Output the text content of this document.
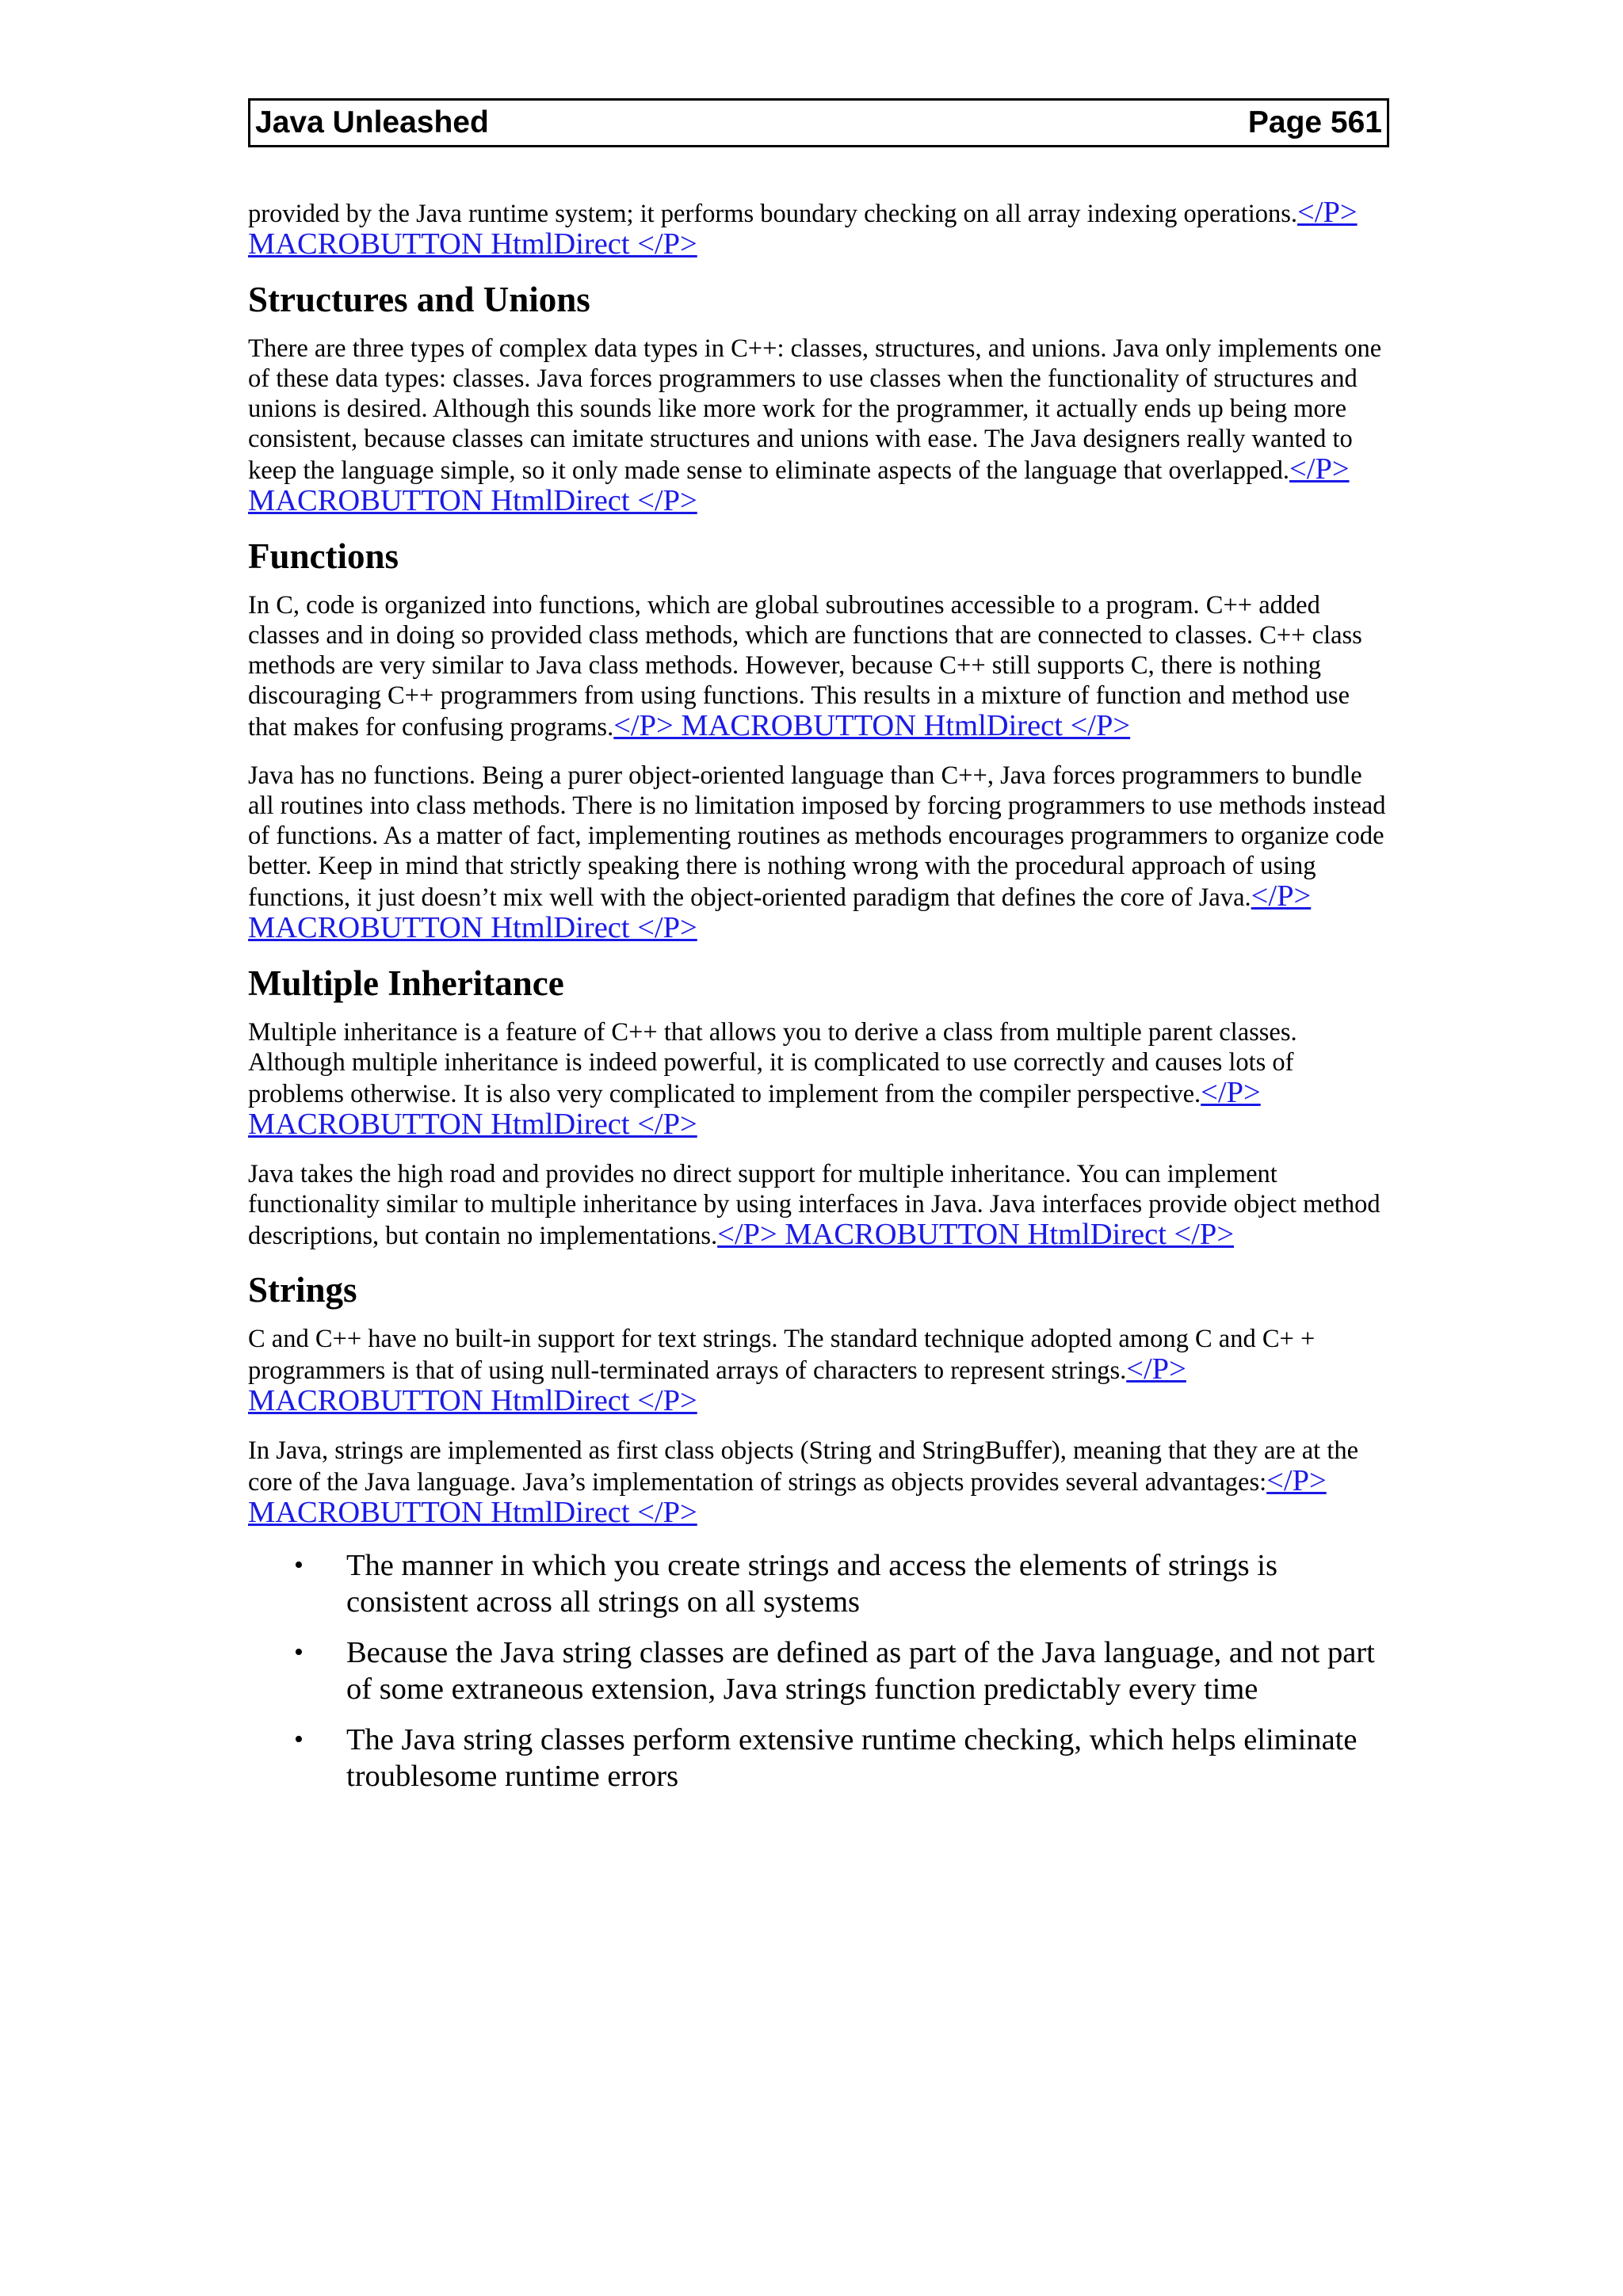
Java Unleashed	Page 561

provided by the Java runtime system; it performs boundary checking on all array indexing operations.</P> MACROBUTTON HtmlDirect </P>

Structures and Unions

There are three types of complex data types in C++: classes, structures, and unions. Java only implements one of these data types: classes. Java forces programmers to use classes when the functionality of structures and unions is desired. Although this sounds like more work for the programmer, it actually ends up being more consistent, because classes can imitate structures and unions with ease. The Java designers really wanted to keep the language simple, so it only made sense to eliminate aspects of the language that overlapped.</P> MACROBUTTON HtmlDirect </P>

Functions

In C, code is organized into functions, which are global subroutines accessible to a program. C++ added classes and in doing so provided class methods, which are functions that are connected to classes. C++ class methods are very similar to Java class methods. However, because C++ still supports C, there is nothing discouraging C++ programmers from using functions. This results in a mixture of function and method use that makes for confusing programs.</P> MACROBUTTON HtmlDirect </P>

Java has no functions. Being a purer object-oriented language than C++, Java forces programmers to bundle all routines into class methods. There is no limitation imposed by forcing programmers to use methods instead of functions. As a matter of fact, implementing routines as methods encourages programmers to organize code better. Keep in mind that strictly speaking there is nothing wrong with the procedural approach of using functions, it just doesn’t mix well with the object-oriented paradigm that defines the core of Java.</P> MACROBUTTON HtmlDirect </P>

Multiple Inheritance

Multiple inheritance is a feature of C++ that allows you to derive a class from multiple parent classes. Although multiple inheritance is indeed powerful, it is complicated to use correctly and causes lots of problems otherwise. It is also very complicated to implement from the compiler perspective.</P> MACROBUTTON HtmlDirect </P>

Java takes the high road and provides no direct support for multiple inheritance. You can implement functionality similar to multiple inheritance by using interfaces in Java. Java interfaces provide object method descriptions, but contain no implementations.</P> MACROBUTTON HtmlDirect </P>

Strings

C and C++ have no built-in support for text strings. The standard technique adopted among C and C+ + programmers is that of using null-terminated arrays of characters to represent strings.</P> MACROBUTTON HtmlDirect </P>

In Java, strings are implemented as first class objects (String and StringBuffer), meaning that they are at the core of the Java language. Java’s implementation of strings as objects provides several advantages:</P> MACROBUTTON HtmlDirect </P>

• The manner in which you create strings and access the elements of strings is consistent across all strings on all systems
• Because the Java string classes are defined as part of the Java language, and not part of some extraneous extension, Java strings function predictably every time
• The Java string classes perform extensive runtime checking, which helps eliminate troublesome runtime errors
